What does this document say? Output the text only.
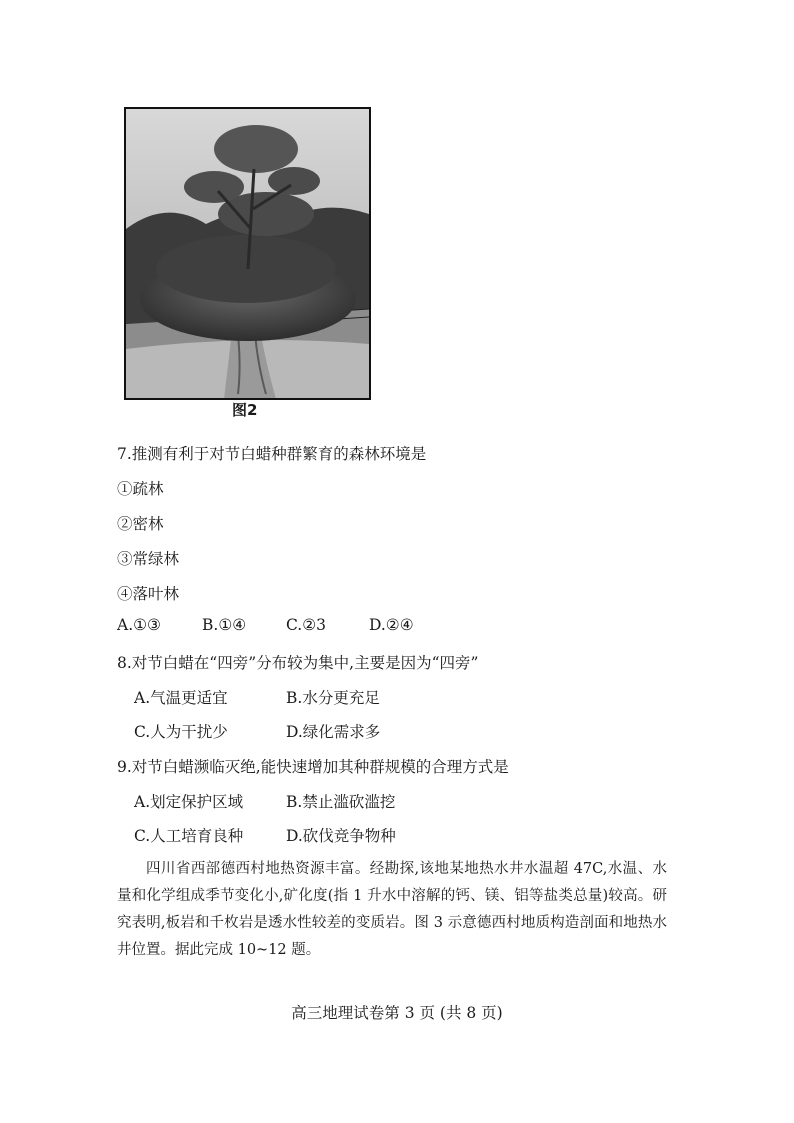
图2
7.推测有利于对节白蜡种群繁育的森林环境是
①疏林
②密林
③常绿林
④落叶林
A.①③	B.①④	C.②3	D.②④
8.对节白蜡在“四旁”分布较为集中,主要是因为“四旁”
A.气温更适宜	B.水分更充足
C.人为干扰少	D.绿化需求多
9.对节白蜡濒临灭绝,能快速增加其种群规模的合理方式是
A.划定保护区域	B.禁止滥砍滥挖
C.人工培育良种	D.砍伐竞争物种
四川省西部德西村地热资源丰富。经勘探,该地某地热水井水温超 47C,水温、水量和化学组成季节变化小,矿化度(指 1 升水中溶解的钙、镁、铝等盐类总量)较高。研究表明,板岩和千枚岩是透水性较差的变质岩。图 3 示意德西村地质构造剖面和地热水井位置。据此完成 10~12 题。
高三地理试卷第 3 页 (共 8 页)
